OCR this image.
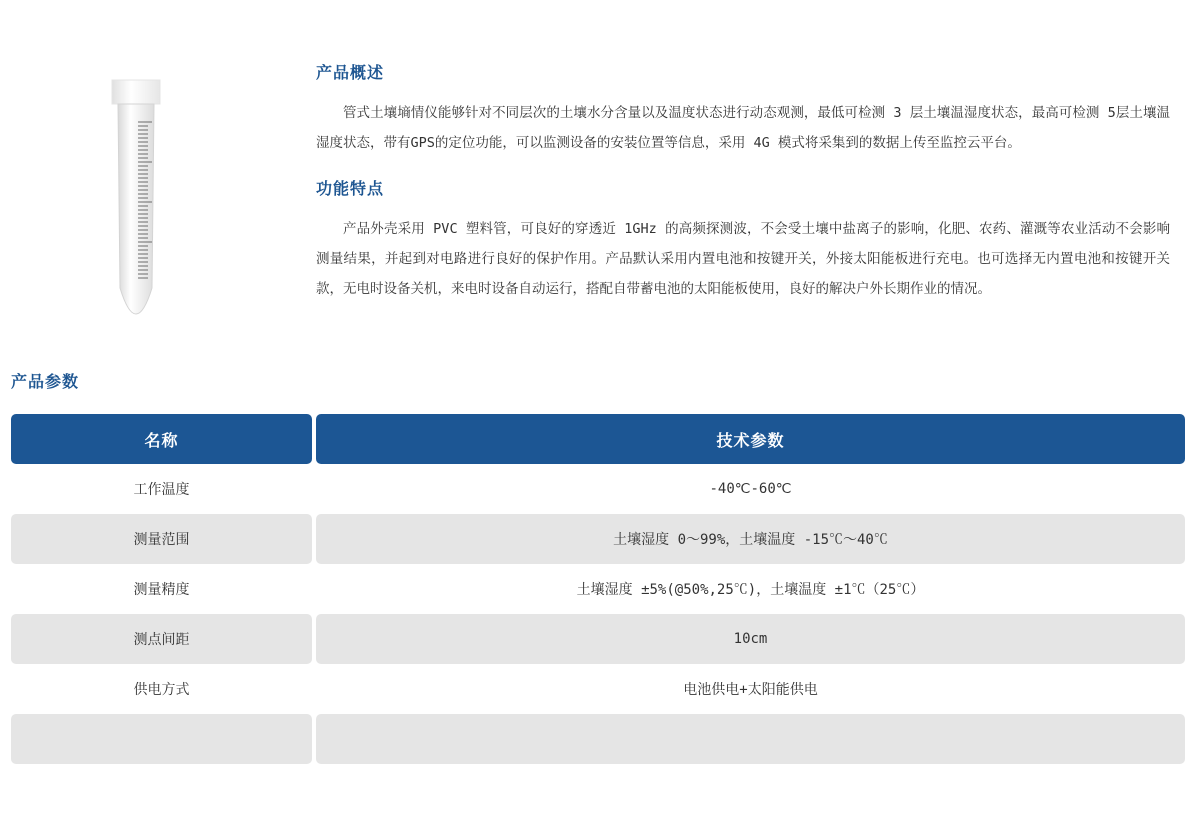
产品概述

管式土壤墒情仪能够针对不同层次的土壤水分含量以及温度状态进行动态观测，最低可检测 3 层土壤温湿度状态，最高可检测 5层土壤温湿度状态，带有GPS的定位功能，可以监测设备的安装位置等信息，采用 4G 模式将采集到的数据上传至监控云平台。

功能特点

产品外壳采用 PVC 塑料管，可良好的穿透近 1GHz 的高频探测波，不会受土壤中盐离子的影响，化肥、农药、灌溉等农业活动不会影响测量结果，并起到对电路进行良好的保护作用。产品默认采用内置电池和按键开关，外接太阳能板进行充电。也可选择无内置电池和按键开关款，无电时设备关机，来电时设备自动运行，搭配自带蓄电池的太阳能板使用，良好的解决户外长期作业的情况。

产品参数
名称	技术参数
工作温度	-40℃-60℃
测量范围	土壤湿度 0～99%，土壤温度 -15℃～40℃
测量精度	土壤湿度 ±5%(@50%,25℃)，土壤温度 ±1℃（25℃）
测点间距	10cm
供电方式	电池供电+太阳能供电
